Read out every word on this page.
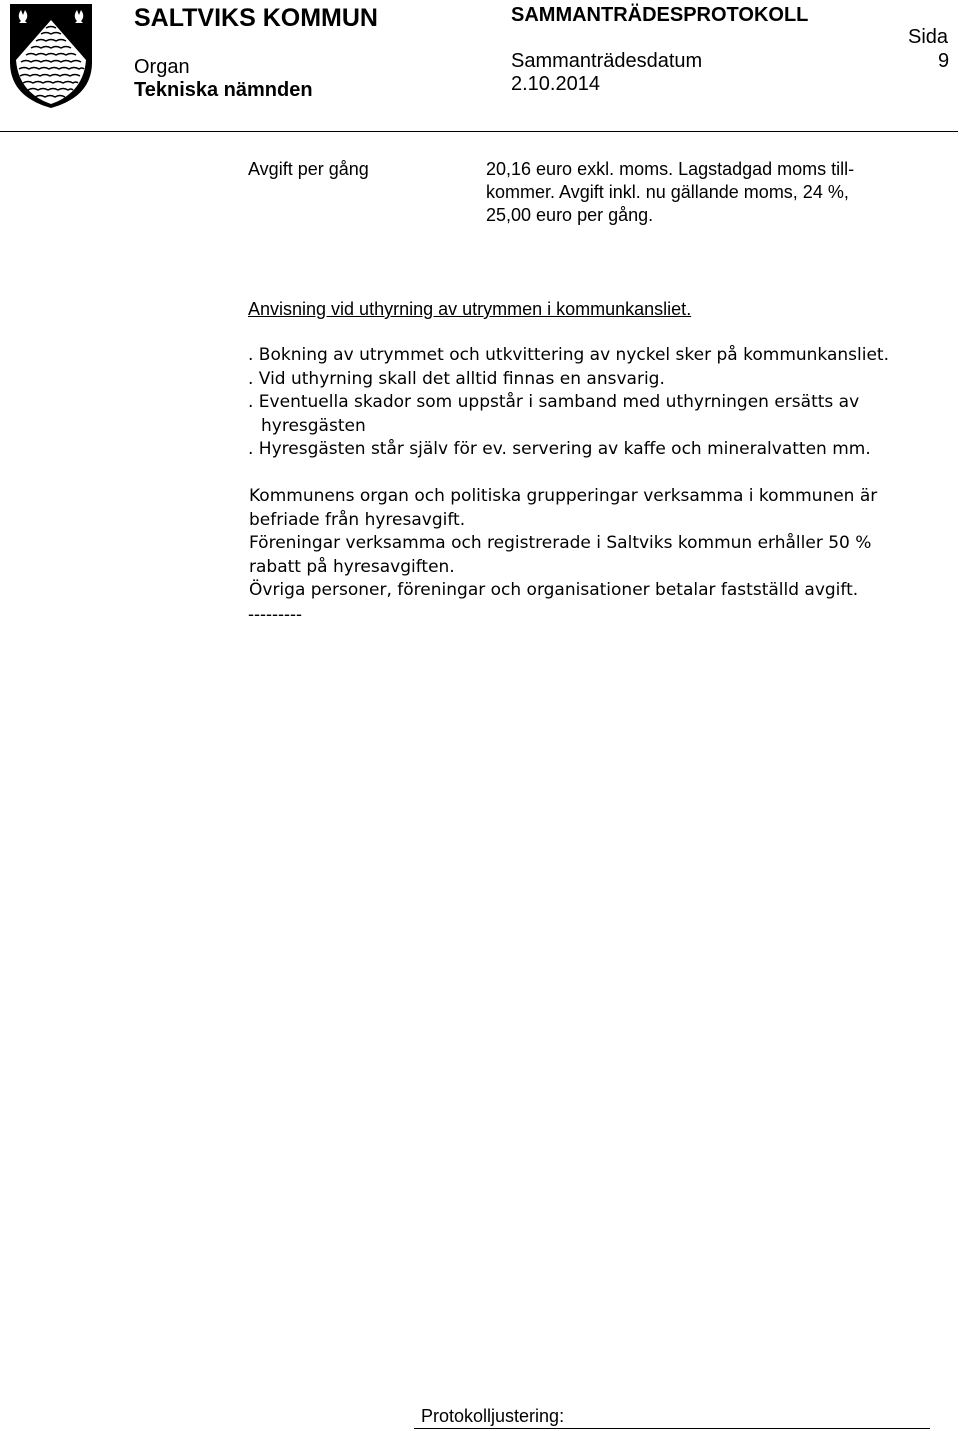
SALTVIKS KOMMUN	SAMMANTRÄDESPROTOKOLL
Sida
Organ	Sammanträdesdatum	9
Tekniska nämnden	2.10.2014
Avgift per gång	20,16 euro exkl. moms. Lagstadgad moms till-
kommer. Avgift inkl. nu gällande moms, 24 %,
25,00 euro per gång.
Anvisning vid uthyrning av utrymmen i kommunkansliet.
. Bokning av utrymmet och utkvittering av nyckel sker på kommunkansliet.
. Vid uthyrning skall det alltid finnas en ansvarig.
. Eventuella skador som uppstår i samband med uthyrningen ersätts av
hyresgästen
. Hyresgästen står själv för ev. servering av kaffe och mineralvatten mm.
Kommunens organ och politiska grupperingar verksamma i kommunen är
befriade från hyresavgift.
Föreningar verksamma och registrerade i Saltviks kommun erhåller 50 %
rabatt på hyresavgiften.
Övriga personer, föreningar och organisationer betalar fastställd avgift.
---------
Protokolljustering:
